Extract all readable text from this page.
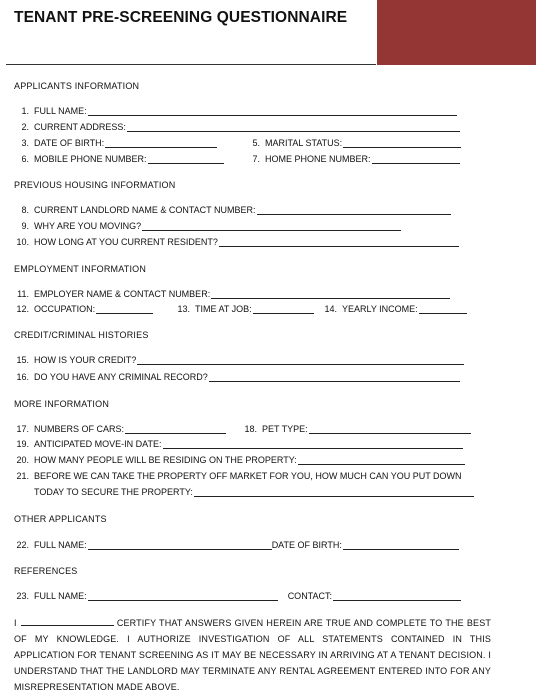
TENANT PRE-SCREENING QUESTIONNAIRE
APPLICANTS INFORMATION
1. FULL NAME:
2. CURRENT ADDRESS:
3. DATE OF BIRTH:	5. MARITAL STATUS:
6. MOBILE PHONE NUMBER:	7. HOME PHONE NUMBER:
PREVIOUS HOUSING INFORMATION
8. CURRENT LANDLORD NAME & CONTACT NUMBER:
9. WHY ARE YOU MOVING?
10. HOW LONG AT YOU CURRENT RESIDENT?
EMPLOYMENT INFORMATION
11. EMPLOYER NAME & CONTACT NUMBER:
12. OCCUPATION:	13. TIME AT JOB:	14. YEARLY INCOME:
CREDIT/CRIMINAL HISTORIES
15. HOW IS YOUR CREDIT?
16. DO YOU HAVE ANY CRIMINAL RECORD?
MORE INFORMATION
17. NUMBERS OF CARS:	18. PET TYPE:
19. ANTICIPATED MOVE-IN DATE:
20. HOW MANY PEOPLE WILL BE RESIDING ON THE PROPERTY:
21. BEFORE WE CAN TAKE THE PROPERTY OFF MARKET FOR YOU, HOW MUCH CAN YOU PUT DOWN
TODAY TO SECURE THE PROPERTY:
OTHER APPLICANTS
22. FULL NAME:	DATE OF BIRTH:
REFERENCES
23. FULL NAME:	CONTACT:
I	CERTIFY THAT ANSWERS GIVEN HEREIN ARE TRUE AND COMPLETE TO THE BEST OF MY KNOWLEDGE. I AUTHORIZE INVESTIGATION OF ALL STATEMENTS CONTAINED IN THIS APPLICATION FOR TENANT SCREENING AS IT MAY BE NECESSARY IN ARRIVING AT A TENANT DECISION. I UNDERSTAND THAT THE LANDLORD MAY TERMINATE ANY RENTAL AGREEMENT ENTERED INTO FOR ANY MISREPRESENTATION MADE ABOVE.
